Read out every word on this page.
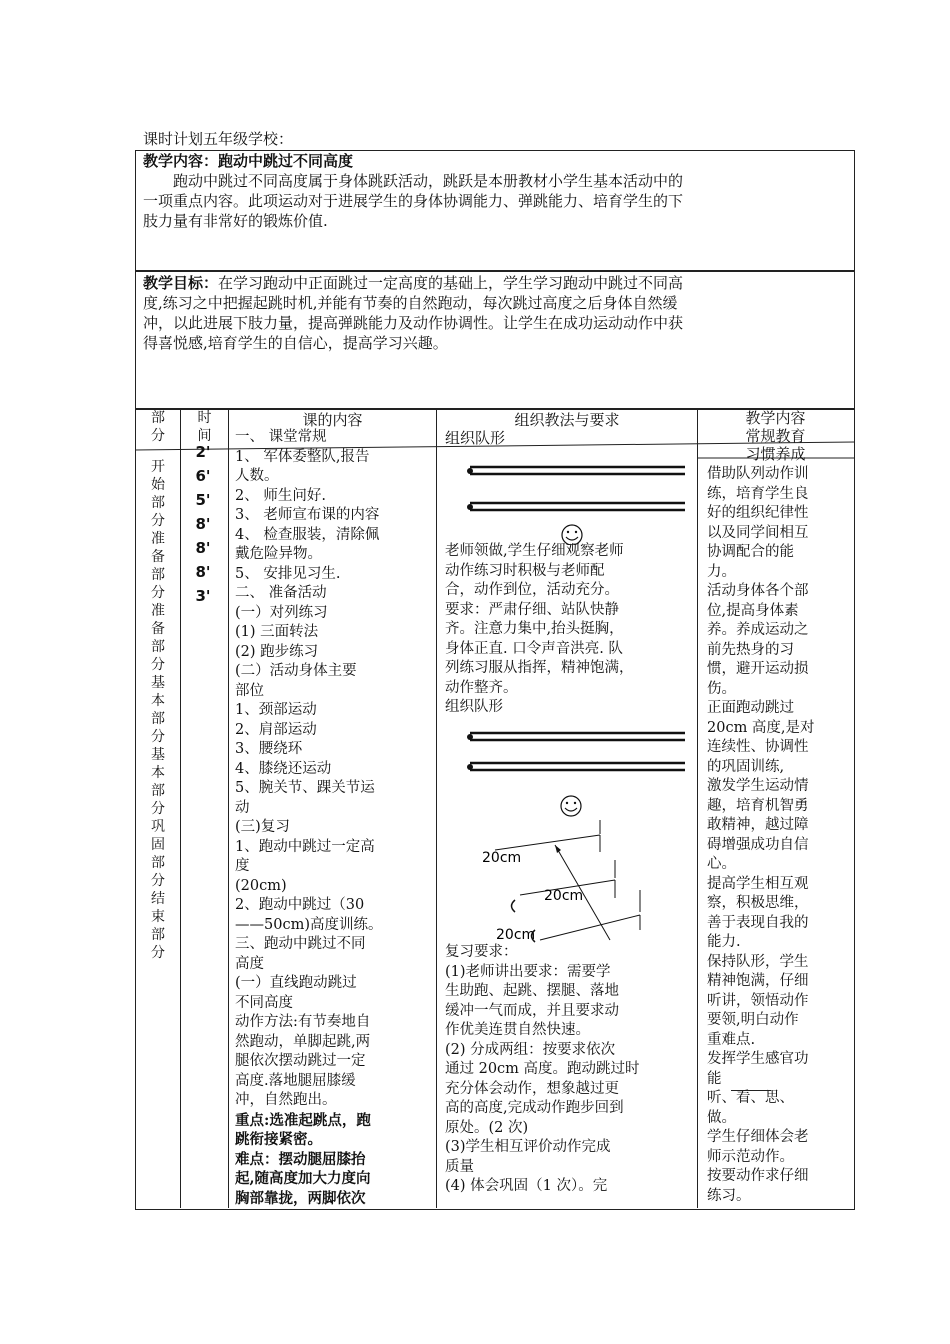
课时计划五年级学校：
教学内容：跑动中跳过不同高度
跑动中跳过不同高度属于身体跳跃活动，跳跃是本册教材小学生基本活动中的
一项重点内容。此项运动对于进展学生的身体协调能力、弹跳能力、培育学生的下
肢力量有非常好的锻炼价值.
教学目标：在学习跑动中正面跳过一定高度的基础上，学生学习跑动中跳过不同高
度,练习之中把握起跳时机,并能有节奏的自然跑动，每次跳过高度之后身体自然缓
冲，以此进展下肢力量，提高弹跳能力及动作协调性。让学生在成功运动动作中获
得喜悦感,培育学生的自信心，提高学习兴趣。
部
分
时
间
课的内容	组织教法与要求	教学内容
常规教育
习惯养成
开
始
部
分
准
备
部
分
准
备
部
分
基
本
部
分
基
本
部
分
巩
固
部
分
结
束
部
分
2'
6'
5'
8'
8'
8'
3'
一、 课堂常规
1、 军体委整队,报告
人数。
2、 师生问好.
3、 老师宣布课的内容
4、 检查服装，清除佩
戴危险异物。
5、 安排见习生.
二、 准备活动
(一）对列练习
(1) 三面转法
(2) 跑步练习
(二）活动身体主要
部位
1、颈部运动
2、肩部运动
3、腰绕环
4、膝绕还运动
5、腕关节、踝关节运
动
(三)复习
1、跑动中跳过一定高
度
(20cm)
2、跑动中跳过（30
——50cm)高度训练。
三、跑动中跳过不同
高度
(一）直线跑动跳过
不同高度
动作方法:有节奏地自
然跑动，单脚起跳,两
腿依次摆动跳过一定
高度.落地腿屈膝缓
冲，自然跑出。
重点:选准起跳点，跑
跳衔接紧密。
难点：摆动腿屈膝抬
起,随高度加大力度向
胸部靠拢，两脚依次
组织队形
老师领做,学生仔细观察老师
动作练习时积极与老师配
合，动作到位，活动充分。
要求：严肃仔细、站队快静
齐。注意力集中,抬头挺胸，
身体正直. 口令声音洪亮. 队
列练习服从指挥，精神饱满，
动作整齐。
组织队形
20cm
20cm
20cm
复习要求：
(1)老师讲出要求：需要学
生助跑、起跳、摆腿、落地
缓冲一气而成，并且要求动
作优美连贯自然快速。
(2) 分成两组：按要求依次
通过 20cm 高度。跑动跳过时
充分体会动作，想象越过更
高的高度,完成动作跑步回到
原处。(2 次)
(3)学生相互评价动作完成
质量
(4) 体会巩固（1 次）。完
借助队列动作训
练，培育学生良
好的组织纪律性
以及同学间相互
协调配合的能
力。
活动身体各个部
位,提高身体素
养。养成运动之
前先热身的习
惯，避开运动损
伤。
正面跑动跳过
20cm 高度,是对
连续性、协调性
的巩固训练,
激发学生运动情
趣，培育机智勇
敢精神，越过障
碍增强成功自信
心。
提高学生相互观
察，积极思维，
善于表现自我的
能力.
保持队形，学生
精神饱满，仔细
听讲，领悟动作
要领,明白动作
重难点.
发挥学生感官功
能
听、看、思、
做。
学生仔细体会老
师示范动作。
按要动作求仔细
练习。
